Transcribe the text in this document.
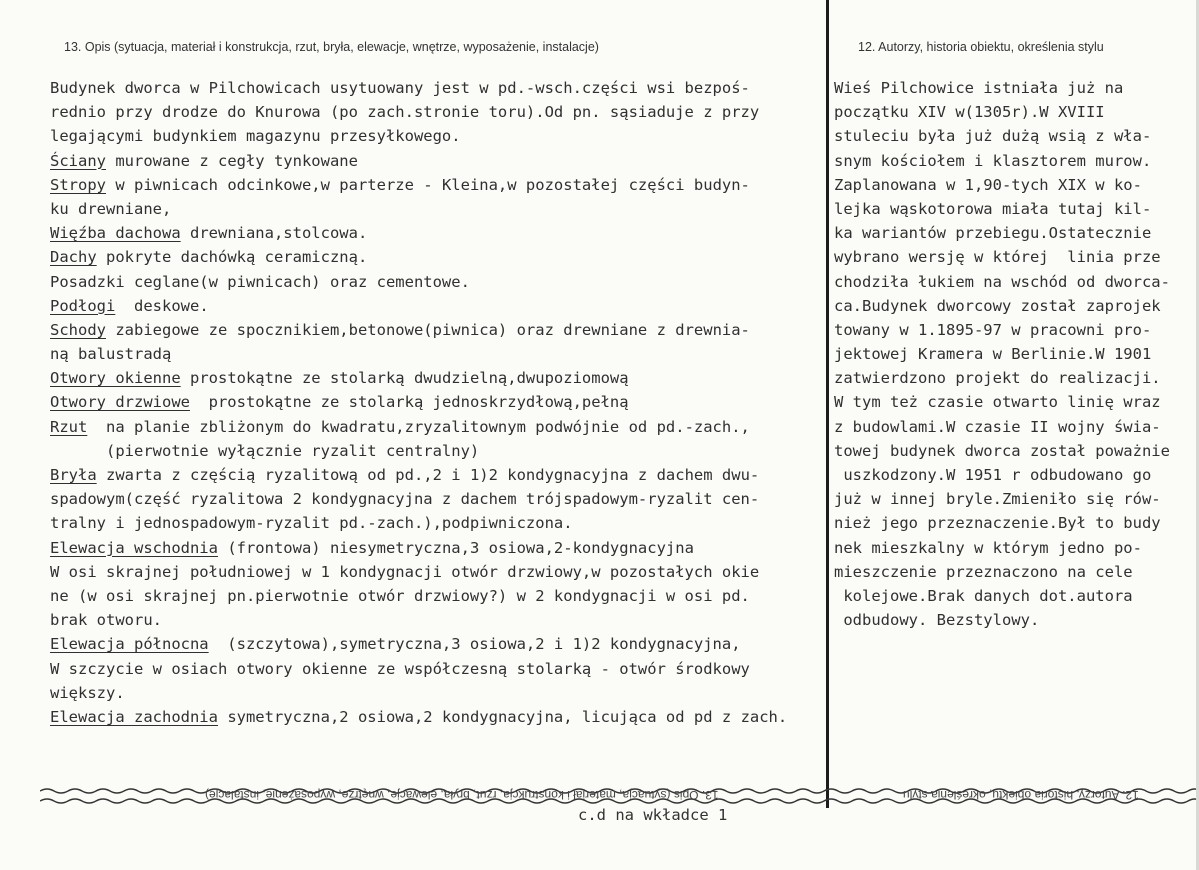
13. Opis (sytuacja, materiał i konstrukcja, rzut, bryła, elewacje, wnętrze, wyposażenie, instalacje)	12. Autorzy, historia obiektu, określenia stylu
Budynek dworca w Pilchowicach usytuowany jest w pd.-wsch.części wsi bezpoś-
rednio przy drodze do Knurowa (po zach.stronie toru).Od pn. sąsiaduje z przy
legającymi budynkiem magazynu przesyłkowego.
Ściany murowane z cegły tynkowane
Stropy w piwnicach odcinkowe,w parterze - Kleina,w pozostałej części budyn-
ku drewniane,
Więźba dachowa drewniana,stolcowa.
Dachy pokryte dachówką ceramiczną.
Posadzki ceglane(w piwnicach) oraz cementowe.
Podłogi  deskowe.
Schody zabiegowe ze spocznikiem,betonowe(piwnica) oraz drewniane z drewnia-
ną balustradą
Otwory okienne prostokątne ze stolarką dwudzielną,dwupoziomową
Otwory drzwiowe  prostokątne ze stolarką jednoskrzydłową,pełną
Rzut  na planie zbliżonym do kwadratu,zryzalitownym podwójnie od pd.-zach.,
(pierwotnie wyłącznie ryzalit centralny)
Bryła zwarta z częścią ryzalitową od pd.,2 i 1)2 kondygnacyjna z dachem dwu-
spadowym(część ryzalitowa 2 kondygnacyjna z dachem trójspadowym-ryzalit cen-
tralny i jednospadowym-ryzalit pd.-zach.),podpiwniczona.
Elewacja wschodnia (frontowa) niesymetryczna,3 osiowa,2-kondygnacyjna
W osi skrajnej południowej w 1 kondygnacji otwór drzwiowy,w pozostałych okie
ne (w osi skrajnej pn.pierwotnie otwór drzwiowy?) w 2 kondygnacji w osi pd.
brak otworu.
Elewacja północna  (szczytowa),symetryczna,3 osiowa,2 i 1)2 kondygnacyjna,
W szczycie w osiach otwory okienne ze współczesną stolarką - otwór środkowy
większy.
Elewacja zachodnia symetryczna,2 osiowa,2 kondygnacyjna, licująca od pd z zach.
Wieś Pilchowice istniała już na
początku XIV w(1305r).W XVIII
stuleciu była już dużą wsią z wła-
snym kościołem i klasztorem murow.
Zaplanowana w 1,90-tych XIX w ko-
lejka wąskotorowa miała tutaj kil-
ka wariantów przebiegu.Ostatecznie
wybrano wersję w której  linia prze
chodziła łukiem na wschód od dworca-
ca.Budynek dworcowy został zaprojek
towany w 1.1895-97 w pracowni pro-
jektowej Kramera w Berlinie.W 1901
zatwierdzono projekt do realizacji.
W tym też czasie otwarto linię wraz
z budowlami.W czasie II wojny świa-
towej budynek dworca został poważnie
uszkodzony.W 1951 r odbudowano go
już w innej bryle.Zmieniło się rów-
nież jego przeznaczenie.Był to budy
nek mieszkalny w którym jedno po-
mieszczenie przeznaczono na cele
kolejowe.Brak danych dot.autora
odbudowy. Bezstylowy.
13. Opis (sytuacja, materiał i konstrukcja, rzut, bryła, elewacje, wnętrze, wyposażenie, instalacje)	12. Autorzy, historia obiektu, określenia stylu
c.d na wkładce 1
